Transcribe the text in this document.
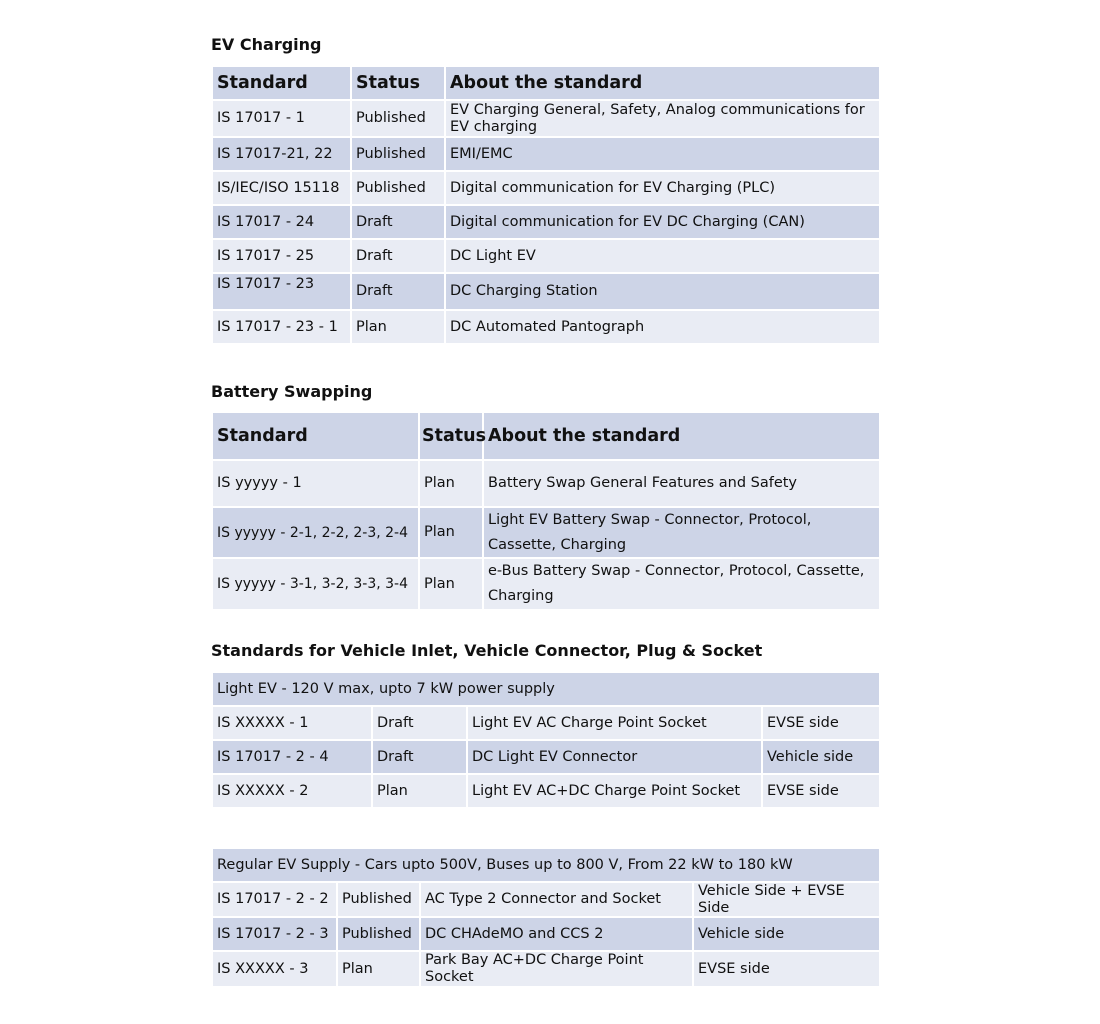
EV Charging
Standard	Status	About the standard
IS 17017 - 1	Published	EV Charging General, Safety, Analog communications for EV charging
IS 17017-21, 22	Published	EMI/EMC
IS/IEC/ISO 15118	Published	Digital communication for EV Charging (PLC)
IS 17017 - 24	Draft	Digital communication for EV DC Charging (CAN)
IS 17017 - 25	Draft	DC Light EV
IS 17017 - 23	Draft	DC Charging Station
IS 17017 - 23 - 1	Plan	DC Automated Pantograph
Battery Swapping
Standard	Status	About the standard
IS yyyyy - 1	Plan	Battery Swap General Features and Safety
IS yyyyy - 2-1, 2-2, 2-3, 2-4	Plan	Light EV Battery Swap - Connector, Protocol, Cassette, Charging
IS yyyyy - 3-1, 3-2, 3-3, 3-4	Plan	e-Bus Battery Swap - Connector, Protocol, Cassette, Charging
Standards for Vehicle Inlet, Vehicle Connector, Plug & Socket
Light EV - 120 V max, upto 7 kW power supply			
IS XXXXX - 1	Draft	Light EV AC Charge Point Socket	EVSE side
IS 17017 - 2 - 4	Draft	DC Light EV Connector	Vehicle side
IS XXXXX - 2	Plan	Light EV AC+DC Charge Point Socket	EVSE side
Regular EV Supply - Cars upto 500V, Buses up to 800 V, From 22 kW to 180 kW			
IS 17017 - 2 - 2	Published	AC Type 2 Connector and Socket	Vehicle Side + EVSE Side
IS 17017 - 2 - 3	Published	DC CHAdeMO and CCS 2	Vehicle side
IS XXXXX - 3	Plan	Park Bay AC+DC Charge Point Socket	EVSE side
